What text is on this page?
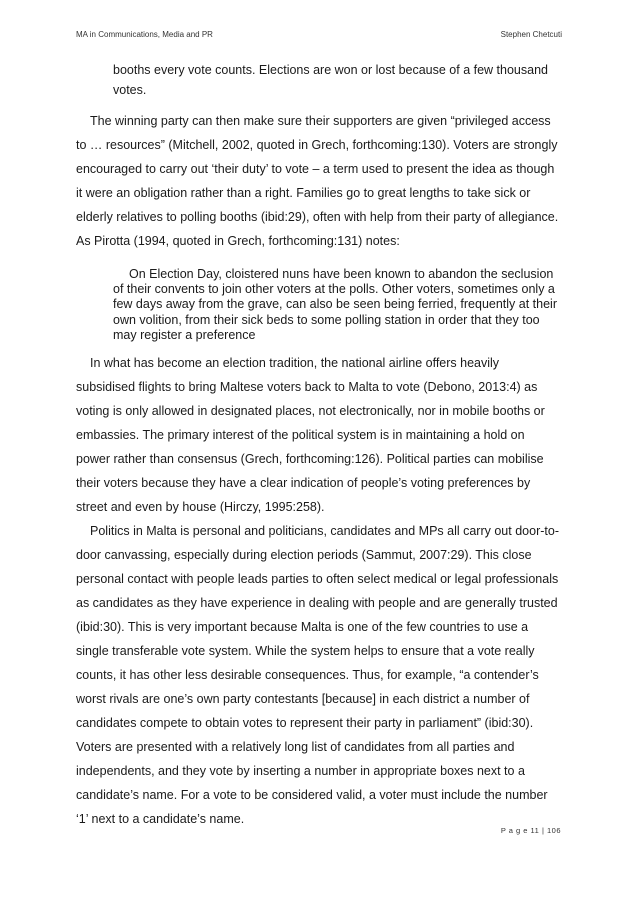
MA in Communications, Media and PR	Stephen Chetcuti
booths every vote counts. Elections are won or lost because of a few thousand votes.

The winning party can then make sure their supporters are given “privileged access to … resources” (Mitchell, 2002, quoted in Grech, forthcoming:130). Voters are strongly encouraged to carry out ‘their duty’ to vote – a term used to present the idea as though it were an obligation rather than a right. Families go to great lengths to take sick or elderly relatives to polling booths (ibid:29), often with help from their party of allegiance. As Pirotta (1994, quoted in Grech, forthcoming:131) notes:

On Election Day, cloistered nuns have been known to abandon the seclusion of their convents to join other voters at the polls. Other voters, sometimes only a few days away from the grave, can also be seen being ferried, frequently at their own volition, from their sick beds to some polling station in order that they too may register a preference

In what has become an election tradition, the national airline offers heavily subsidised flights to bring Maltese voters back to Malta to vote (Debono, 2013:4) as voting is only allowed in designated places, not electronically, nor in mobile booths or embassies. The primary interest of the political system is in maintaining a hold on power rather than consensus (Grech, forthcoming:126). Political parties can mobilise their voters because they have a clear indication of people’s voting preferences by street and even by house (Hirczy, 1995:258).

Politics in Malta is personal and politicians, candidates and MPs all carry out door-to-door canvassing, especially during election periods (Sammut, 2007:29). This close personal contact with people leads parties to often select medical or legal professionals as candidates as they have experience in dealing with people and are generally trusted (ibid:30). This is very important because Malta is one of the few countries to use a single transferable vote system. While the system helps to ensure that a vote really counts, it has other less desirable consequences. Thus, for example, “a contender’s worst rivals are one’s own party contestants [because] in each district a number of candidates compete to obtain votes to represent their party in parliament” (ibid:30). Voters are presented with a relatively long list of candidates from all parties and independents, and they vote by inserting a number in appropriate boxes next to a candidate’s name. For a vote to be considered valid, a voter must include the number ‘1’ next to a candidate’s name.

P a g e 11 | 106
